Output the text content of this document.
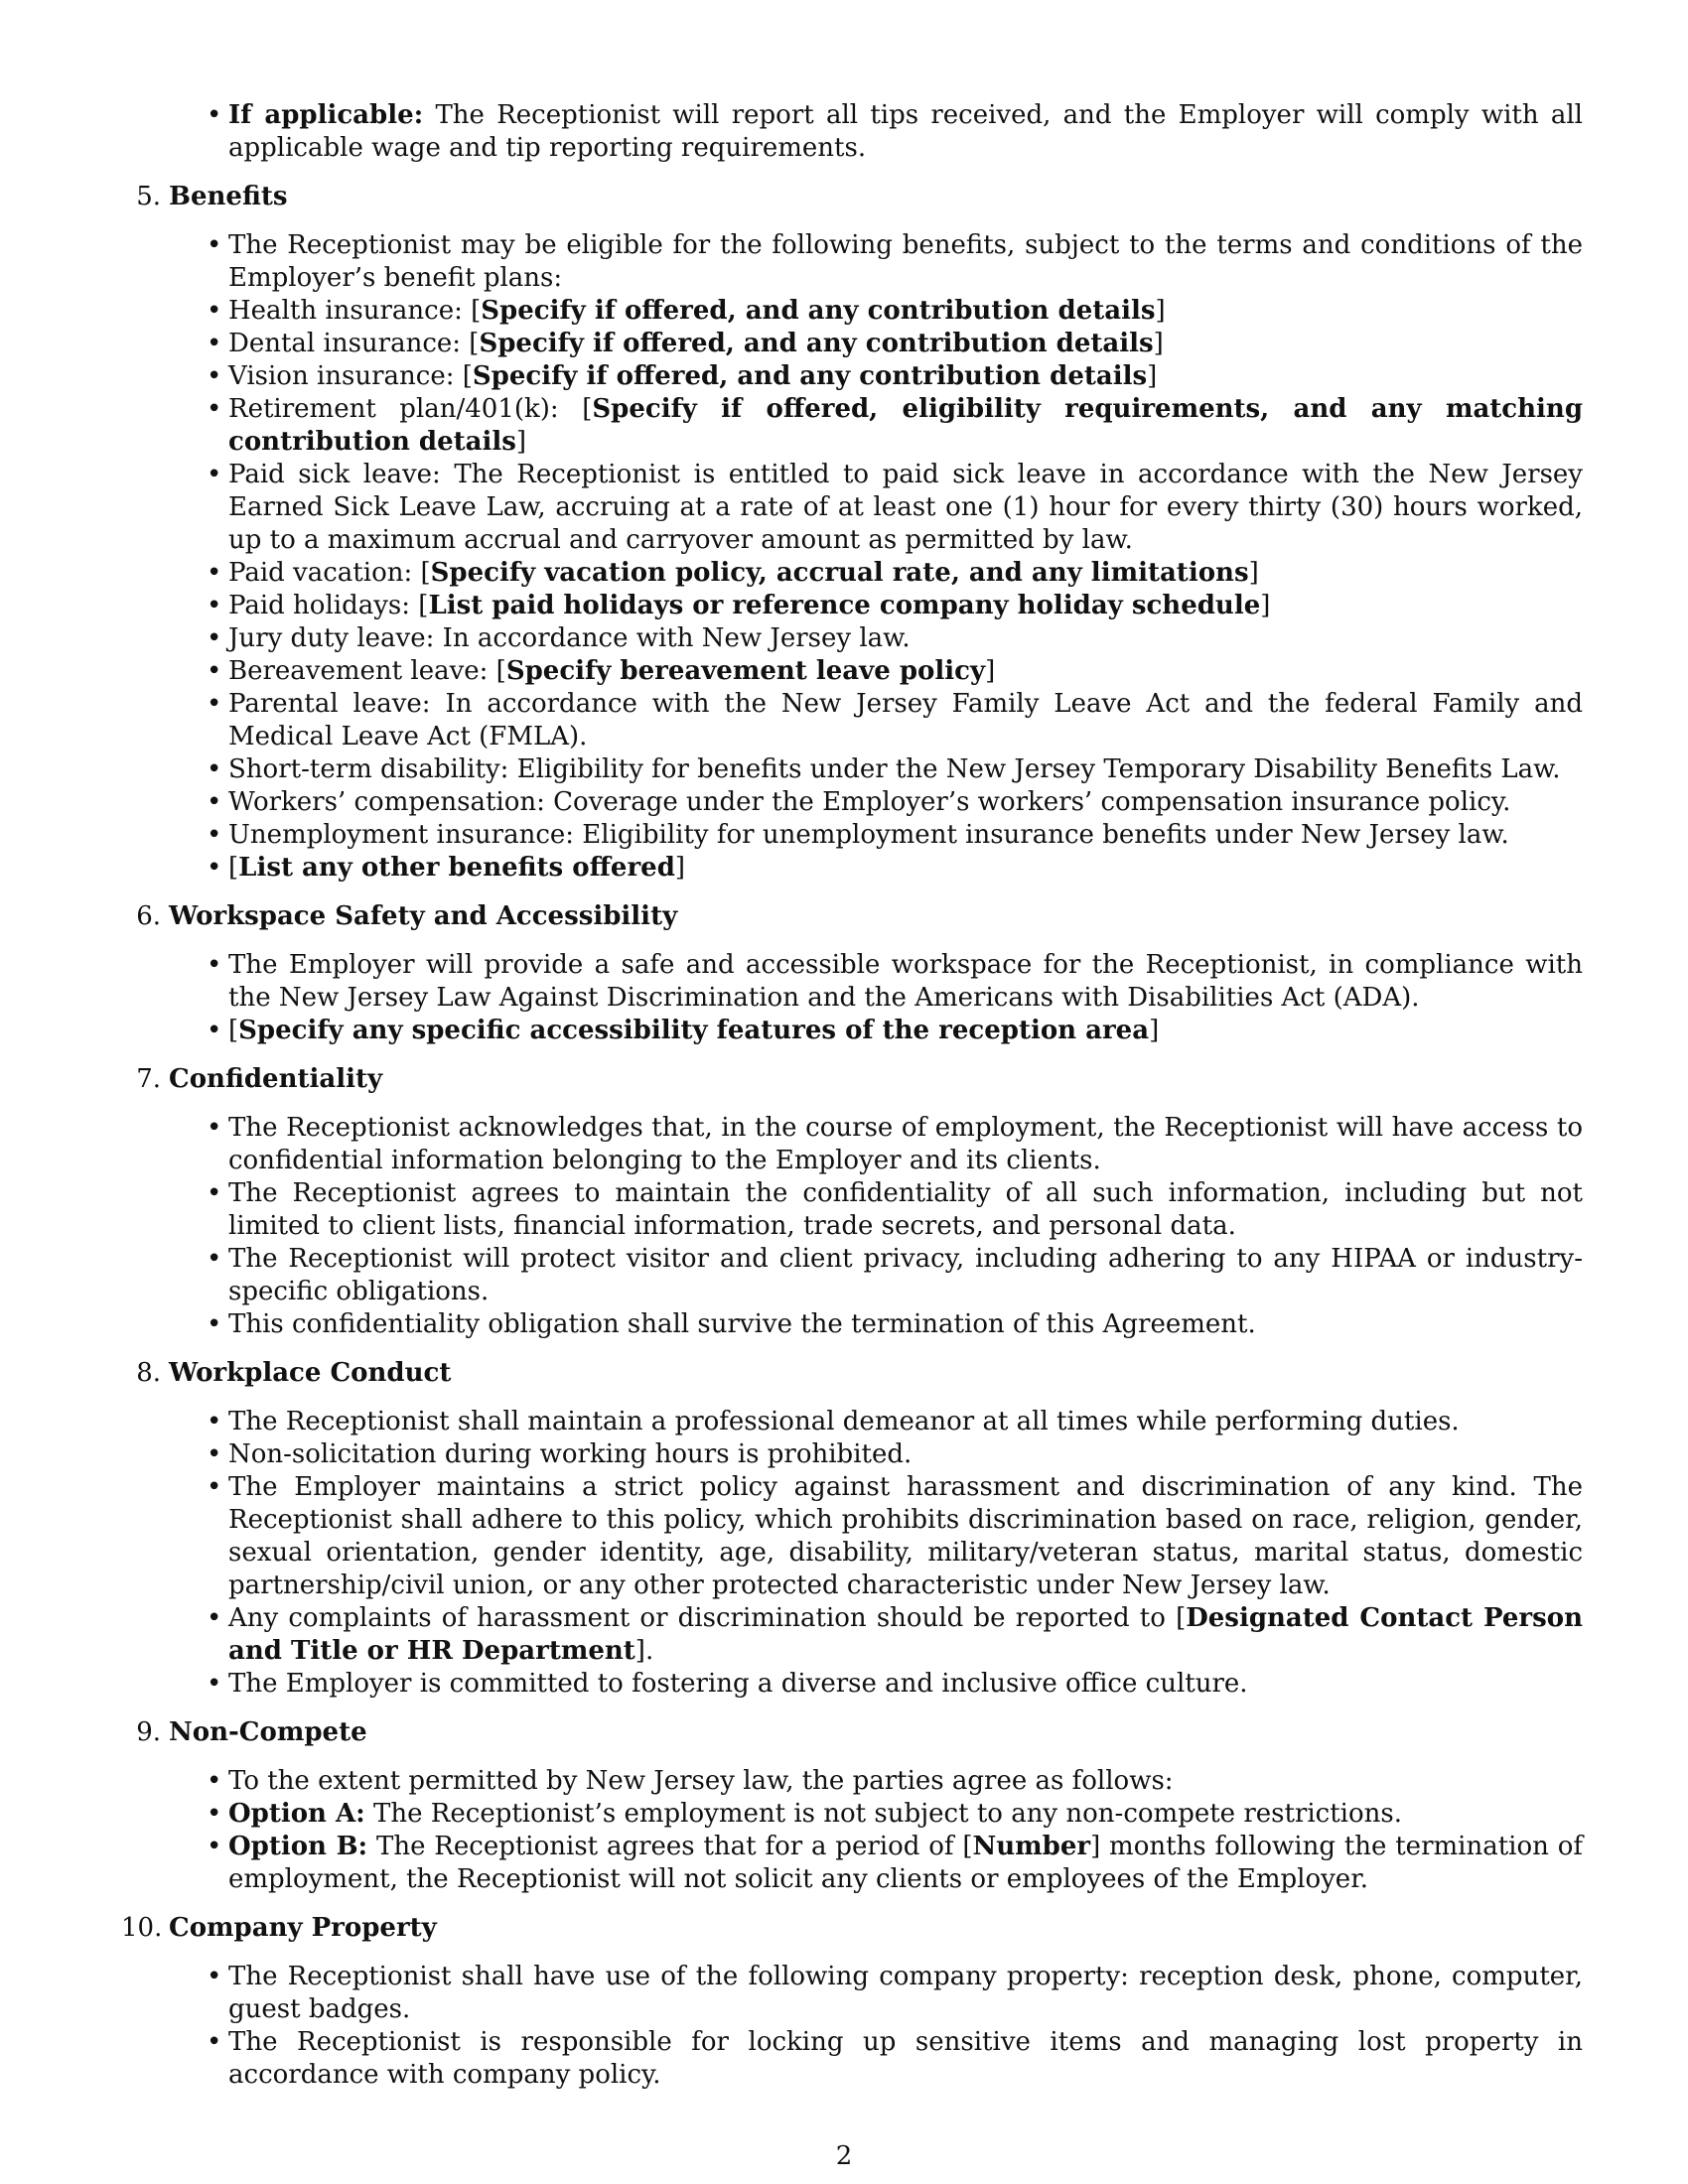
• If applicable: The Receptionist will report all tips received, and the Employer will comply with all applicable wage and tip reporting requirements.
5. Benefits
• The Receptionist may be eligible for the following benefits, subject to the terms and conditions of the Employer’s benefit plans:
• Health insurance: [Specify if offered, and any contribution details]
• Dental insurance: [Specify if offered, and any contribution details]
• Vision insurance: [Specify if offered, and any contribution details]
• Retirement plan/401(k): [Specify if offered, eligibility requirements, and any matching contribution details]
• Paid sick leave: The Receptionist is entitled to paid sick leave in accordance with the New Jersey Earned Sick Leave Law, accruing at a rate of at least one (1) hour for every thirty (30) hours worked, up to a maximum accrual and carryover amount as permitted by law.
• Paid vacation: [Specify vacation policy, accrual rate, and any limitations]
• Paid holidays: [List paid holidays or reference company holiday schedule]
• Jury duty leave: In accordance with New Jersey law.
• Bereavement leave: [Specify bereavement leave policy]
• Parental leave: In accordance with the New Jersey Family Leave Act and the federal Family and Medical Leave Act (FMLA).
• Short-term disability: Eligibility for benefits under the New Jersey Temporary Disability Benefits Law.
• Workers’ compensation: Coverage under the Employer’s workers’ compensation insurance policy.
• Unemployment insurance: Eligibility for unemployment insurance benefits under New Jersey law.
• [List any other benefits offered]
6. Workspace Safety and Accessibility
• The Employer will provide a safe and accessible workspace for the Receptionist, in compliance with the New Jersey Law Against Discrimination and the Americans with Disabilities Act (ADA).
• [Specify any specific accessibility features of the reception area]
7. Confidentiality
• The Receptionist acknowledges that, in the course of employment, the Receptionist will have access to confidential information belonging to the Employer and its clients.
• The Receptionist agrees to maintain the confidentiality of all such information, including but not limited to client lists, financial information, trade secrets, and personal data.
• The Receptionist will protect visitor and client privacy, including adhering to any HIPAA or industry-specific obligations.
• This confidentiality obligation shall survive the termination of this Agreement.
8. Workplace Conduct
• The Receptionist shall maintain a professional demeanor at all times while performing duties.
• Non-solicitation during working hours is prohibited.
• The Employer maintains a strict policy against harassment and discrimination of any kind. The Receptionist shall adhere to this policy, which prohibits discrimination based on race, religion, gender, sexual orientation, gender identity, age, disability, military/veteran status, marital status, domestic partnership/civil union, or any other protected characteristic under New Jersey law.
• Any complaints of harassment or discrimination should be reported to [Designated Contact Person and Title or HR Department].
• The Employer is committed to fostering a diverse and inclusive office culture.
9. Non-Compete
• To the extent permitted by New Jersey law, the parties agree as follows:
• Option A: The Receptionist’s employment is not subject to any non-compete restrictions.
• Option B: The Receptionist agrees that for a period of [Number] months following the termination of employment, the Receptionist will not solicit any clients or employees of the Employer.
10. Company Property
• The Receptionist shall have use of the following company property: reception desk, phone, computer, guest badges.
• The Receptionist is responsible for locking up sensitive items and managing lost property in accordance with company policy.
2
